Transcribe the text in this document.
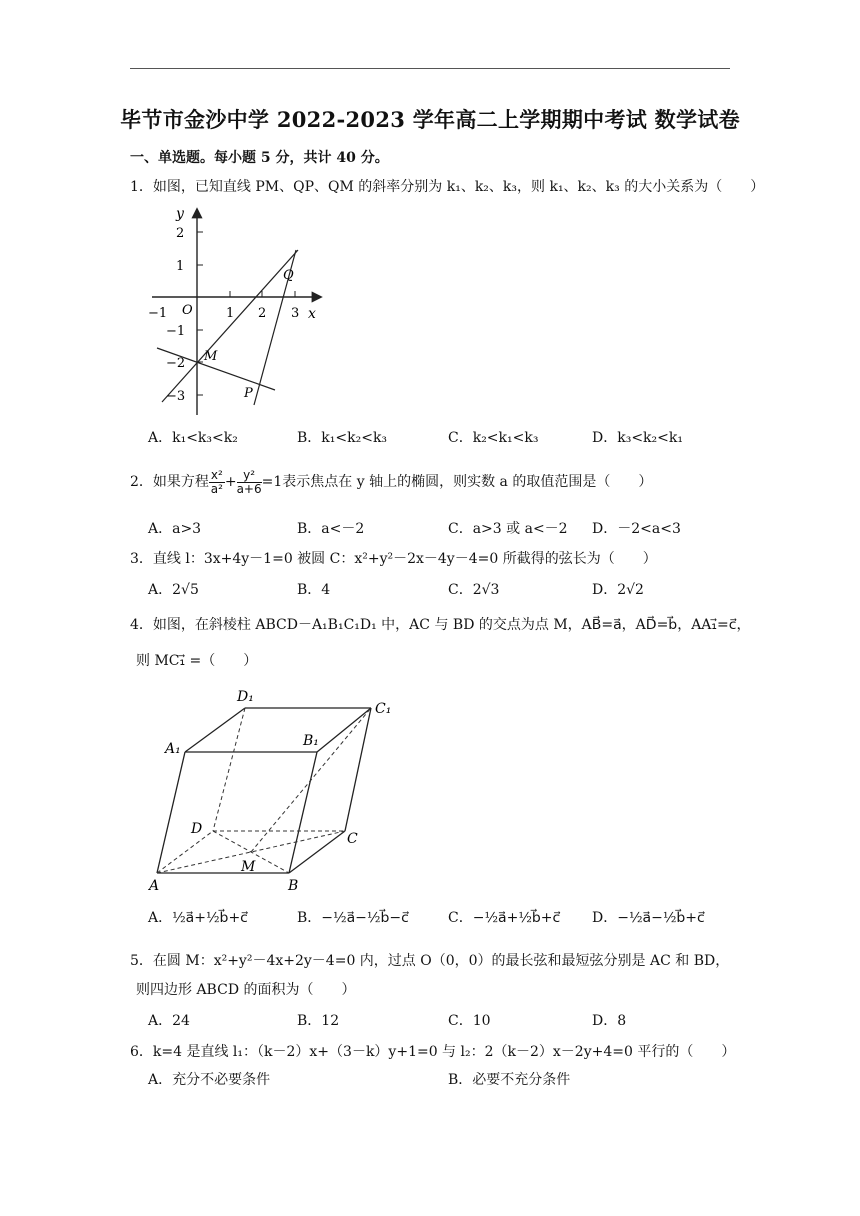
毕节市金沙中学 2022-2023 学年高二上学期期中考试 数学试卷
一、单选题。每小题 5 分，共计 40 分。
1．如图，已知直线 PM、QP、QM 的斜率分别为 k₁、k₂、k₃，则 k₁、k₂、k₃ 的大小关系为（　　）
y
x
O
2
1
−1
−2
−3
−1	1 2 3
M
Q
P
A．k₁<k₃<k₂	B．k₁<k₂<k₃	C．k₂<k₁<k₃	D．k₃<k₂<k₁
2．如果方程 $\frac{\text{x²}}{\text{a²}} + \frac{\text{y²}}{a+6} =1$表示焦点在 y 轴上的椭圆，则实数 a 的取值范围是（　　）
A．a>3	B．a<－2	C．a>3 或 a<－2 D．－2<a<3
3．直线 l：3x+4y－1=0 被圆 C：x²+y²－2x－4y－4=0 所截得的弦长为（　　）
A．2√5	B．4	C．2√3	D．2√2
4．如图，在斜棱柱 ABCD－A₁B₁C₁D₁ 中，AC 与 BD 的交点为点 M，AB⃗=a⃗，AD⃗=b⃗，AA₁⃗=c⃗，
则 MC₁⃗ =（　　）
D₁
C₁
A₁	B₁
D
C
M
A	B
A．½a⃗+½b⃗+c⃗	B．−½a⃗−½b⃗−c⃗	C．−½a⃗+½b⃗+c⃗ D．−½a⃗−½b⃗+c⃗
5．在圆 M：x²+y²－4x+2y－4=0 内，过点 O（0，0）的最长弦和最短弦分别是 AC 和 BD，
则四边形 ABCD 的面积为（　　）
A．24	B．12	C．10	D．8
6．k=4 是直线 l₁：（k－2）x+（3－k）y+1=0 与 l₂：2（k－2）x－2y+4=0 平行的（　　）
A．充分不必要条件	B．必要不充分条件
